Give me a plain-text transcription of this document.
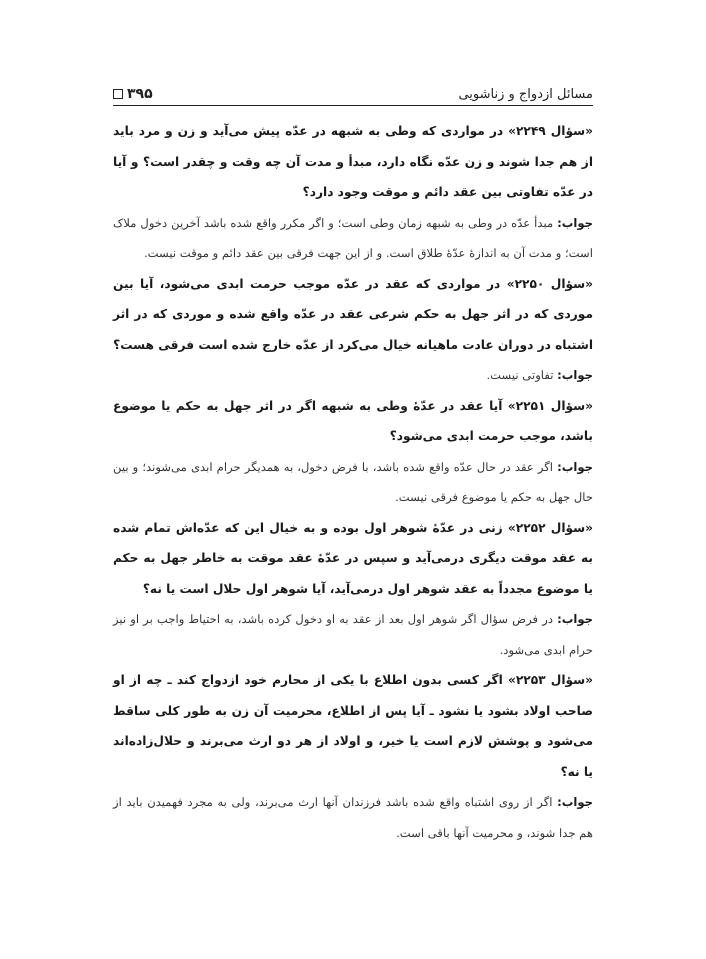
مسائل ازدواج و زناشویی
۳۹۵

«سؤال ۲۲۴۹» در مواردی که وطی به شبهه در عدّه پیش می‌آید و زن و مرد باید از هم جدا شوند و زن عدّه نگاه دارد، مبدأ و مدت آن چه وقت و چقدر است؟ و آیا در عدّه تفاوتی بین عقد دائم و موقت وجود دارد؟

جواب: مبدأ عدّه در وطی به شبهه زمان وطی است؛ و اگر مکرر واقع شده باشد آخرین دخول ملاک است؛ و مدت آن به اندازهٔ عدّهٔ طلاق است. و از این جهت فرقی بین عقد دائم و موقت نیست.

«سؤال ۲۲۵۰» در مواردی که عقد در عدّه موجب حرمت ابدی می‌شود، آیا بین موردی که در اثر جهل به حکم شرعی عقد در عدّه واقع شده و موردی که در اثر اشتباه در دوران عادت ماهیانه خیال می‌کرد از عدّه خارج شده است فرقی هست؟

جواب: تفاوتی نیست.

«سؤال ۲۲۵۱» آیا عقد در عدّهٔ وطی به شبهه اگر در اثر جهل به حکم یا موضوع باشد، موجب حرمت ابدی می‌شود؟

جواب: اگر عقد در حال عدّه واقع شده باشد، با فرض دخول، به همدیگر حرام ابدی می‌شوند؛ و بین حال جهل به حکم یا موضوع فرقی نیست.

«سؤال ۲۲۵۲» زنی در عدّهٔ شوهر اول بوده و به خیال این که عدّه‌اش تمام شده به عقد موقت دیگری درمی‌آید و سپس در عدّهٔ عقد موقت به خاطر جهل به حکم یا موضوع مجدداً به عقد شوهر اول درمی‌آید، آیا شوهر اول حلال است یا نه؟

جواب: در فرض سؤال اگر شوهر اول بعد از عقد به او دخول کرده باشد، به احتیاط واجب بر او نیز حرام ابدی می‌شود.

«سؤال ۲۲۵۳» اگر کسی بدون اطلاع با یکی از محارم خود ازدواج کند ـ چه از او صاحب اولاد بشود یا نشود ـ آیا پس از اطلاع، محرمیت آن زن به طور کلی ساقط می‌شود و پوشش لازم است یا خیر، و اولاد از هر دو ارث می‌برند و حلال‌زاده‌اند یا نه؟

جواب: اگر از روی اشتباه واقع شده باشد فرزندان آنها ارث می‌برند، ولی به مجرد فهمیدن باید از هم جدا شوند، و محرمیت آنها باقی است.
